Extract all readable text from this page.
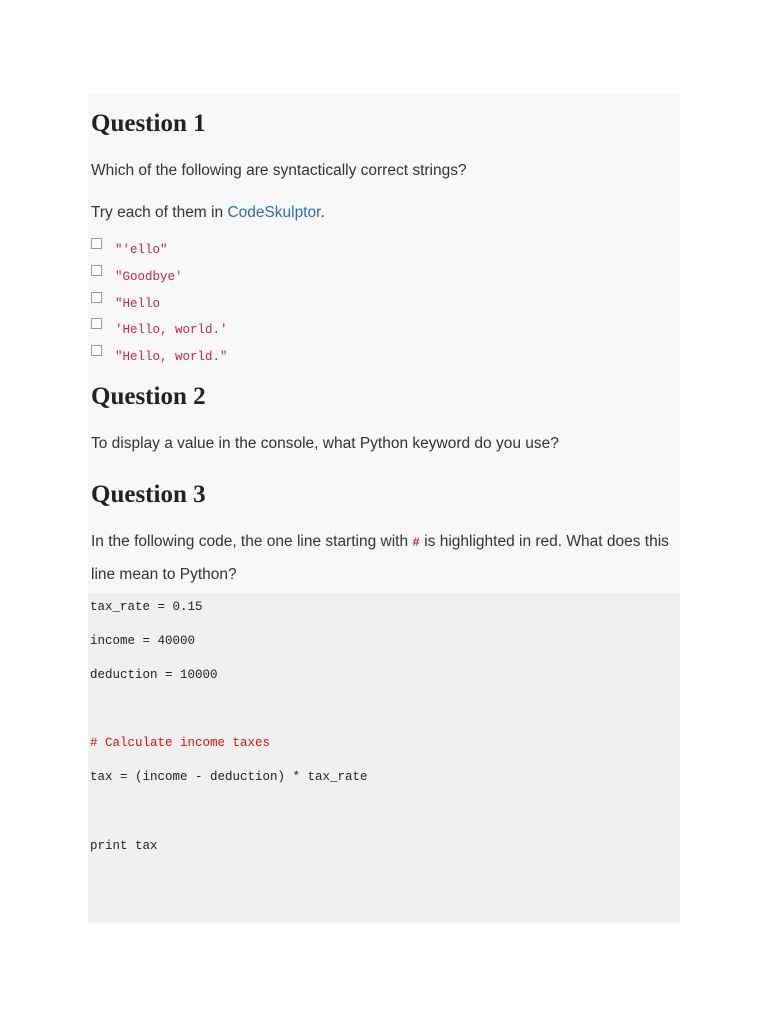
Question 1

Which of the following are syntactically correct strings?

Try each of them in CodeSkulptor.

"'ello"
"Goodbye'
"Hello
'Hello, world.'
"Hello, world."
Question 2

To display a value in the console, what Python keyword do you use?

Question 3

In the following code, the one line starting with # is highlighted in red. What does this line mean to Python?

tax_rate = 0.15
income = 40000
deduction = 10000
# Calculate income taxes
tax = (income - deduction) * tax_rate
print tax
